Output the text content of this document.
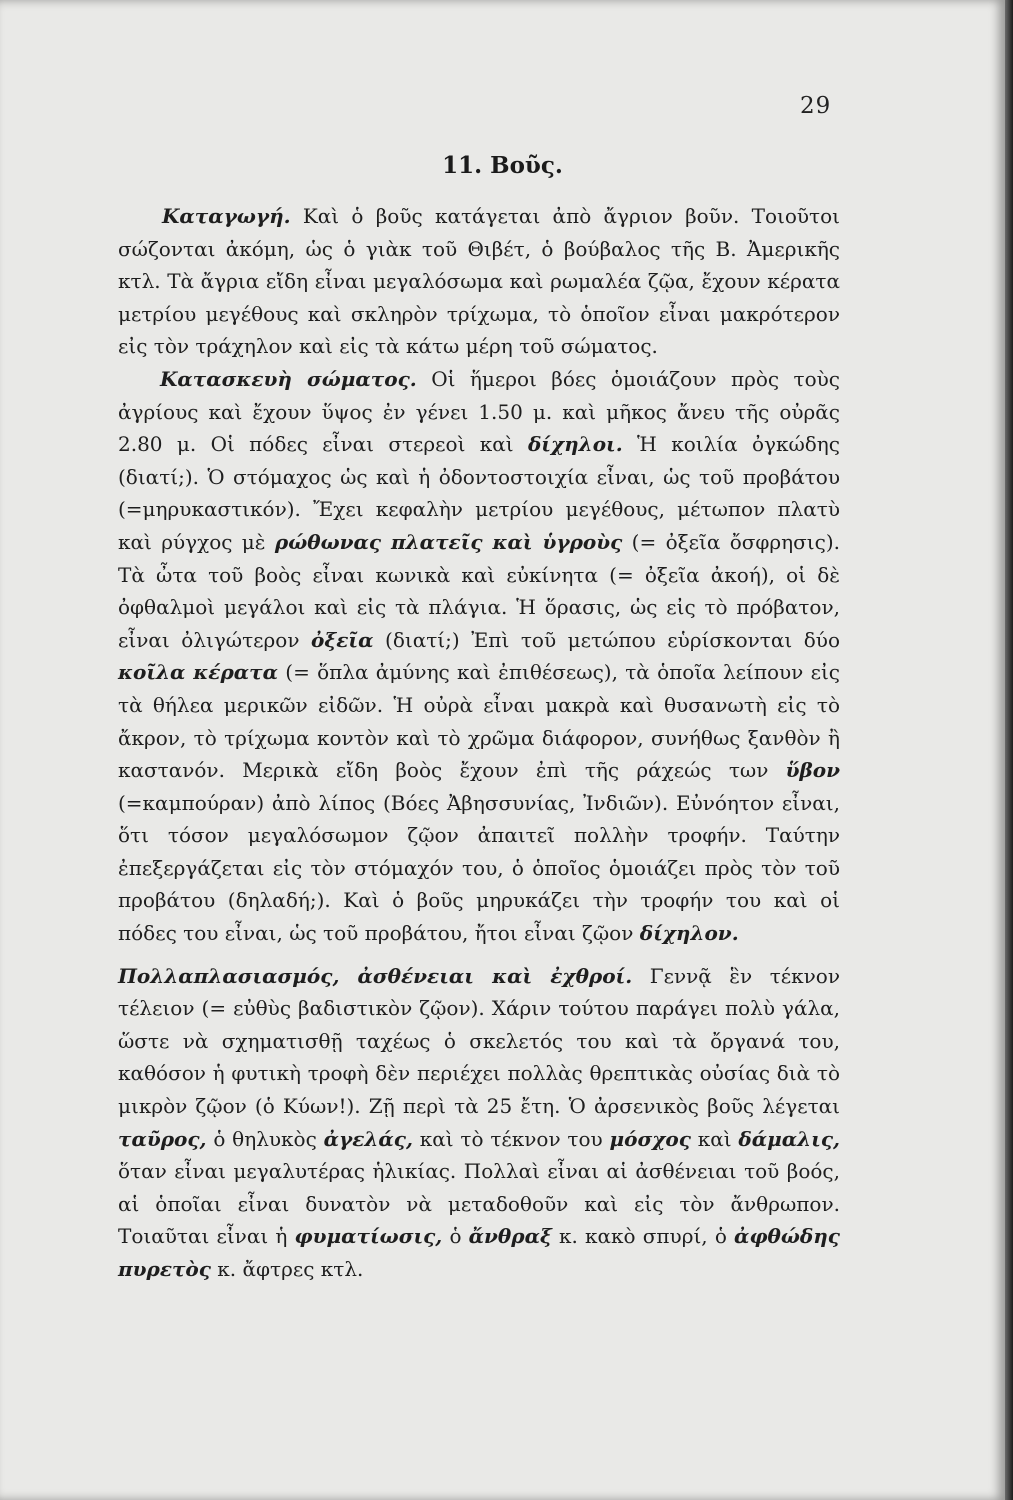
29
11. Βοῦς.

Καταγωγή. Καὶ ὁ βοῦς κατάγεται ἀπὸ ἄγριον βοῦν. Τοιοῦτοι σώζονται ἀκόμη, ὡς ὁ γιὰκ τοῦ Θιβέτ, ὁ βούβαλος τῆς Β. Ἀμερικῆς κτλ. Τὰ ἄγρια εἴδη εἶναι μεγαλόσωμα καὶ ρωμαλέα ζῷα, ἔχουν κέρατα μετρίου μεγέθους καὶ σκληρὸν τρίχωμα, τὸ ὁποῖον εἶναι μακρότερον εἰς τὸν τράχηλον καὶ εἰς τὰ κάτω μέρη τοῦ σώματος.

Κατασκευὴ σώματος. Οἱ ἥμεροι βόες ὁμοιάζουν πρὸς τοὺς ἀγρίους καὶ ἔχουν ὕψος ἐν γένει 1.50 μ. καὶ μῆκος ἄνευ τῆς οὐρᾶς 2.80 μ. Οἱ πόδες εἶναι στερεοὶ καὶ δίχηλοι. Ἡ κοιλία ὀγκώδης (διατί;). Ὁ στόμαχος ὡς καὶ ἡ ὀδοντοστοιχία εἶναι, ὡς τοῦ προβάτου (=μηρυκαστικόν). Ἔχει κεφαλὴν μετρίου μεγέθους, μέτωπον πλατὺ καὶ ρύγχος μὲ ρώθωνας πλατεῖς καὶ ὑγροὺς (= ὀξεῖα ὄσφρησις). Τὰ ὦτα τοῦ βοὸς εἶναι κωνικὰ καὶ εὐκίνητα (= ὀξεῖα ἀκοή), οἱ δὲ ὀφθαλμοὶ μεγάλοι καὶ εἰς τὰ πλάγια. Ἡ ὅρασις, ὡς εἰς τὸ πρόβατον, εἶναι ὀλιγώτερον ὀξεῖα (διατί;) Ἐπὶ τοῦ μετώπου εὑρίσκονται δύο κοῖλα κέρατα (= ὅπλα ἀμύνης καὶ ἐπιθέσεως), τὰ ὁποῖα λείπουν εἰς τὰ θήλεα μερικῶν εἰδῶν. Ἡ οὐρὰ εἶναι μακρὰ καὶ θυσανωτὴ εἰς τὸ ἄκρον, τὸ τρίχωμα κοντὸν καὶ τὸ χρῶμα διάφορον, συνήθως ξανθὸν ἢ καστανόν. Μερικὰ εἴδη βοὸς ἔχουν ἐπὶ τῆς ράχεώς των ὕβον (=καμπούραν) ἀπὸ λίπος (Βόες Ἀβησσυνίας, Ἰνδιῶν). Εὐνόητον εἶναι, ὅτι τόσον μεγαλόσωμον ζῷον ἀπαιτεῖ πολλὴν τροφήν. Ταύτην ἐπεξεργάζεται εἰς τὸν στόμαχόν του, ὁ ὁποῖος ὁμοιάζει πρὸς τὸν τοῦ προβάτου (δηλαδή;). Καὶ ὁ βοῦς μηρυκάζει τὴν τροφήν του καὶ οἱ πόδες του εἶναι, ὡς τοῦ προβάτου, ἤτοι εἶναι ζῷον δίχηλον.

Πολλαπλασιασμός, ἀσθένειαι καὶ ἐχθροί. Γεννᾷ ἓν τέκνον τέλειον (= εὐθὺς βαδιστικὸν ζῷον). Χάριν τούτου παράγει πολὺ γάλα, ὥστε νὰ σχηματισθῇ ταχέως ὁ σκελετός του καὶ τὰ ὄργανά του, καθόσον ἡ φυτικὴ τροφὴ δὲν περιέχει πολλὰς θρεπτικὰς οὐσίας διὰ τὸ μικρὸν ζῷον (ὁ Κύων!). Ζῇ περὶ τὰ 25 ἔτη. Ὁ ἀρσενικὸς βοῦς λέγεται ταῦρος, ὁ θηλυκὸς ἀγελάς, καὶ τὸ τέκνον του μόσχος καὶ δάμαλις, ὅταν εἶναι μεγαλυτέρας ἡλικίας. Πολλαὶ εἶναι αἱ ἀσθένειαι τοῦ βοός, αἱ ὁποῖαι εἶναι δυνατὸν νὰ μεταδοθοῦν καὶ εἰς τὸν ἄνθρωπον. Τοιαῦται εἶναι ἡ φυματίωσις, ὁ ἄνθραξ κ. κακὸ σπυρί, ὁ ἀφθώδης πυρετὸς κ. ἄφτρες κτλ.
